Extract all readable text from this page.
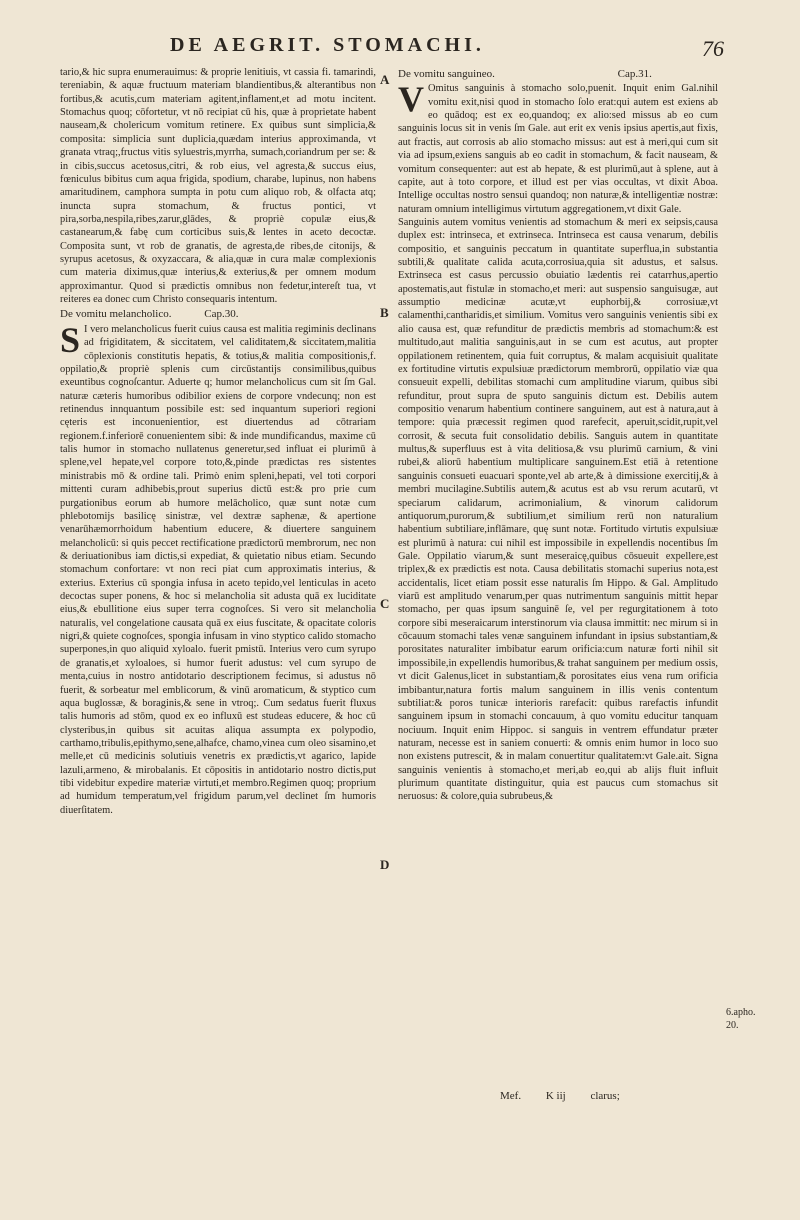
DE AEGRIT. STOMACHI.	76

tario,& hic supra enumerauimus: & proprie lenitiuis, vt cassia fi. tamarindi, tereniabin, & aquæ fructuum materiam blandientibus,& alterantibus non fortibus,& acutis,cum materiam agitent,inflament,et ad motu incitent. Stomachus quoq; cōfortetur, vt nō recipiat cū his, quæ à proprietate habent nauseam,& cholericum vomitum retinere. Ex quibus sunt simplicia,& composita: simplicia sunt duplicia,quædam interius approximanda, vt granata vtraq;,fructus vitis syluestris,myrrha, sumach,coriandrum per se: & in cibis,succus acetosus,citri, & rob eius, vel agresta,& succus eius, fœniculus bibitus cum aqua frigida, spodium, charabe, lupinus, non habens amaritudinem, camphora sumpta in potu cum aliquo rob, & olfacta atq; inuncta supra stomachum, & fructus pontici, vt pira,sorba,nespila,ribes,zarur,glādes, & propriè copulæ eius,& castanearum,& fabę cum corticibus suis,& lentes in aceto decoctæ. Composita sunt, vt rob de granatis, de agresta,de ribes,de citonijs, & syrupus acetosus, & oxyzaccara, & alia,quæ in cura malæ complexionis cum materia diximus,quæ interius,& exterius,& per omnem modum approximantur. Quod si prædictis omnibus non fedetur,intereſt tua, vt reiteres ea donec cum Christo consequaris intentum.

De vomitu melancholico.	Cap.30.

S I vero melancholicus fuerit cuius causa est malitia regiminis declinans ad frigiditatem, & siccitatem, vel caliditatem,& siccitatem,malitia cōplexionis constitutis hepatis, & totius,& malitia compositionis,f. oppilatio,& propriè splenis cum circūstantijs consimilibus,quibus exeuntibus cognoſcantur. Aduerte q; humor melancholicus cum sit ſm Gal. naturæ cæteris humoribus odibilior exiens de corpore vndecunq; non est retinendus innquantum possibile est: sed inquantum superiori regioni cęteris est inconuenientior, est diuertendus ad cōtrariam regionem.f.inferiorē conuenientem sibi: & inde mundificandus, maxime cū talis humor in stomacho nullatenus generetur,sed influat ei plurimū à splene,vel hepate,vel corpore toto,&,pinde prædictas res sistentes ministrabis mō & ordine tali. Primò enim spleni,hepati, vel toti corpori mittenti curam adhibebis,prout superius dictū est:& pro prie cum purgationibus eorum ab humore melācholico, quæ sunt notæ cum phlebotomijs basilicę sinistræ, vel dextræ saphenæ, & apertione venarūhæmorrhoidum habentium educere, & diuertere sanguinem melancholicū: si quis peccet rectificatione prædictorū membrorum, nec non & deriuationibus iam dictis,si expediat, & quietatio nibus etiam. Secundo stomachum confortare: vt non reci piat cum approximatis interius, & exterius. Exterius cū spongia infusa in aceto tepido,vel lenticulas in aceto decoctas super ponens, & hoc si melancholia sit adusta quā ex luciditate eius,& ebullitione eius super terra cognoſces. Si vero sit melancholia naturalis, vel congelatione causata quā ex eius fuscitate, & opacitate coloris nigri,& quiete cognoſces, spongia infusam in vino styptico calido stomacho superpones,in quo aliquid xyloalo. fuerit pmistū. Interius vero cum syrupo de granatis,et xyloaloes, si humor fuerit adustus: vel cum syrupo de menta,cuius in nostro antidotario descriptionem fecimus, si adustus nō fuerit, & sorbeatur mel emblicorum, & vinū aromaticum, & styptico cum aqua buglossæ, & boraginis,& sene in vtroq;. Cum sedatus fuerit fluxus talis humoris ad stōm, quod ex eo influxū est studeas educere, & hoc cū clysteribus,in quibus sit acuitas aliqua assumpta ex polypodio, carthamo,tribulis,epithymo,sene,alhafce, chamo,vinea cum oleo sisamino,et melle,et cū medicinis solutiuis venetris ex prædictis,vt agarico, lapide lazuli,armeno, & mirobalanis. Et cōpositis in antidotario nostro dictis,put tibi videbitur expedire materiæ virtuti,et membro.Regimen quoq; proprium ad humidum temperatum,vel frigidum parum,vel declinet ſm humoris diuerſitatem.

De vomitu sanguineo.	Cap.31.

V Omitus sanguinis à stomacho solo,puenit. Inquit enim Gal.nihil vomitu exit,nisi quod in stomacho ſolo erat:qui autem est exiens ab eo quādoq; est ex eo,quandoq; ex alio:sed missus ab eo cum sanguinis locus sit in venis ſm Gale. aut erit ex venis ipsius apertis,aut fixis, aut fractis, aut corrosis ab alio stomacho missus: aut est à meri,qui cum sit via ad ipsum,exiens sanguis ab eo cadit in stomachum, & facit nauseam, & vomitum consequenter: aut est ab hepate, & est plurimū,aut à splene, aut à capite, aut à toto corpore, et illud est per vias occultas, vt dixit Aboa. Intellige occultas nostro sensui quandoq; non naturæ,& intelligentiæ nostræ: naturam omnium intelligimus virtutum aggregationem,vt dixit Gale.

Sanguinis autem vomitus venientis ad stomachum & meri ex seipsis,causa duplex est: intrinseca, et extrinseca. Intrinseca est causa venarum, debilis compositio, et sanguinis peccatum in quantitate superflua,in substantia subtili,& qualitate calida acuta,corrosiua,quia sit adustus, et salsus. Extrinseca est casus percussio obuiatio lædentis rei catarrhus,apertio apostematis,aut fistulæ in stomacho,et meri: aut suspensio sanguisugæ, aut assumptio medicinæ acutæ,vt euphorbij,& corrosiuæ,vt calamenthi,cantharidis,et similium. Vomitus vero sanguinis venientis sibi ex alio causa est, quæ refunditur de prædictis membris ad stomachum:& est multitudo,aut malitia sanguinis,aut in se cum est acutus, aut propter oppilationem retinentem, quia fuit corruptus, & malam acquisiuit qualitate ex fortitudine virtutis expulsiuæ prædictorum membrorū, oppilatio viæ qua consueuit expelli, debilitas stomachi cum amplitudine viarum, quibus sibi refunditur, prout supra de sputo sanguinis dictum est. Debilis autem compositio venarum habentium continere sanguinem, aut est à natura,aut à tempore: quia præcessit regimen quod rarefecit, aperuit,scidit,rupit,vel corrosit, & secuta fuit consolidatio debilis. Sanguis autem in quantitate multus,& superfluus est à vita delitiosa,& vsu plurimū carnium, & vini rubei,& aliorū habentium multiplicare sanguinem.Est etiā à retentione sanguinis consueti euacuari sponte,vel ab arte,& à dimissione exercitij,& à membri mucilagine.Subtilis autem,& acutus est ab vsu rerum acutarū, vt speciarum calidarum, acrimonialium, & vinorum calidorum antiquorum,purorum,& subtilium,et similium rerū non naturalium habentium subtiliare,inflāmare, quę sunt notæ. Fortitudo virtutis expulsiuæ est plurimū à natura: cui nihil est impossibile in expellendis nocentibus ſm Gale. Oppilatio viarum,& sunt meseraicę,quibus cōsueuit expellere,est triplex,& ex prædictis est nota. Causa debilitatis stomachi superius nota,est accidentalis, licet etiam possit esse naturalis ſm Hippo. & Gal. Amplitudo viarū est amplitudo venarum,per quas nutrimentum sanguinis mittit hepar stomacho, per quas ipsum sanguinē ſe, vel per regurgitationem à toto corpore sibi meseraicarum interstinorum via clausa immittit: nec mirum si in cōcauum stomachi tales venæ sanguinem infundant in ipsius substantiam,& porositates naturaliter imbibatur earum orificia:cum naturæ forti nihil sit impossibile,in expellendis humoribus,& trahat sanguinem per medium ossis, vt dicit Galenus,licet in substantiam,& porositates eius vena rum orificia imbibantur,natura fortis malum sanguinem in illis venis contentum subtiliat:& poros tunicæ interioris rarefacit: quibus rarefactis infundit sanguinem ipsum in stomachi concauum, à quo vomitu educitur tanquam nociuum. Inquit enim Hippoc. si sanguis in ventrem effundatur præter naturam, necesse est in saniem conuerti: & omnis enim humor in loco suo non existens putrescit, & in malam conuertitur qualitatem:vt Gale.ait. Signa sanguinis venientis à stomacho,et meri,ab eo,qui ab alijs fluit influit plurimum quantitate distinguitur, quia est paucus cum stomachus sit neruosus: & colore,quia subrubeus,&

A
B
C
D
6.apho.
20.
Mef. K iij clarus;
